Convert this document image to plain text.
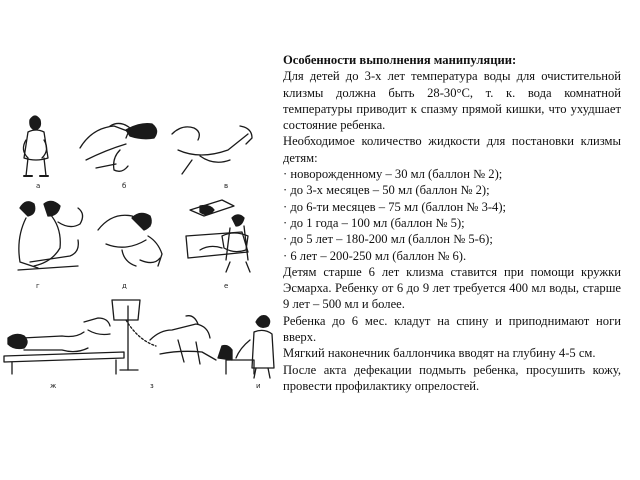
а	б	в
г	д	е
ж	з	и

Особенности выполнения манипуляции:

Для детей до 3-х лет температура воды для очистительной клизмы должна быть 28-30°С, т. к. вода комнатной температуры приводит к спазму прямой кишки, что ухудшает состояние ребенка.

Необходимое количество жидкости для постановки клизмы детям:

· новорожденному – 30 мл (баллон № 2);

· до 3-х месяцев – 50 мл (баллон № 2);

· до 6-ти месяцев – 75 мл (баллон № 3-4);

· до 1 года – 100 мл (баллон № 5);

· до 5 лет – 180-200 мл (баллон № 5-6);

· 6 лет – 200-250 мл (баллон № 6).

Детям старше 6 лет клизма ставится при помощи кружки Эсмарха. Ребенку от 6 до 9 лет требуется 400 мл воды, старше 9 лет – 500 мл и более.

Ребенка до 6 мес. кладут на спину и приподнимают ноги вверх.

Мягкий наконечник баллончика вводят на глубину 4-5 см.

После акта дефекации подмыть ребенка, просушить кожу, провести профилактику опрелостей.
